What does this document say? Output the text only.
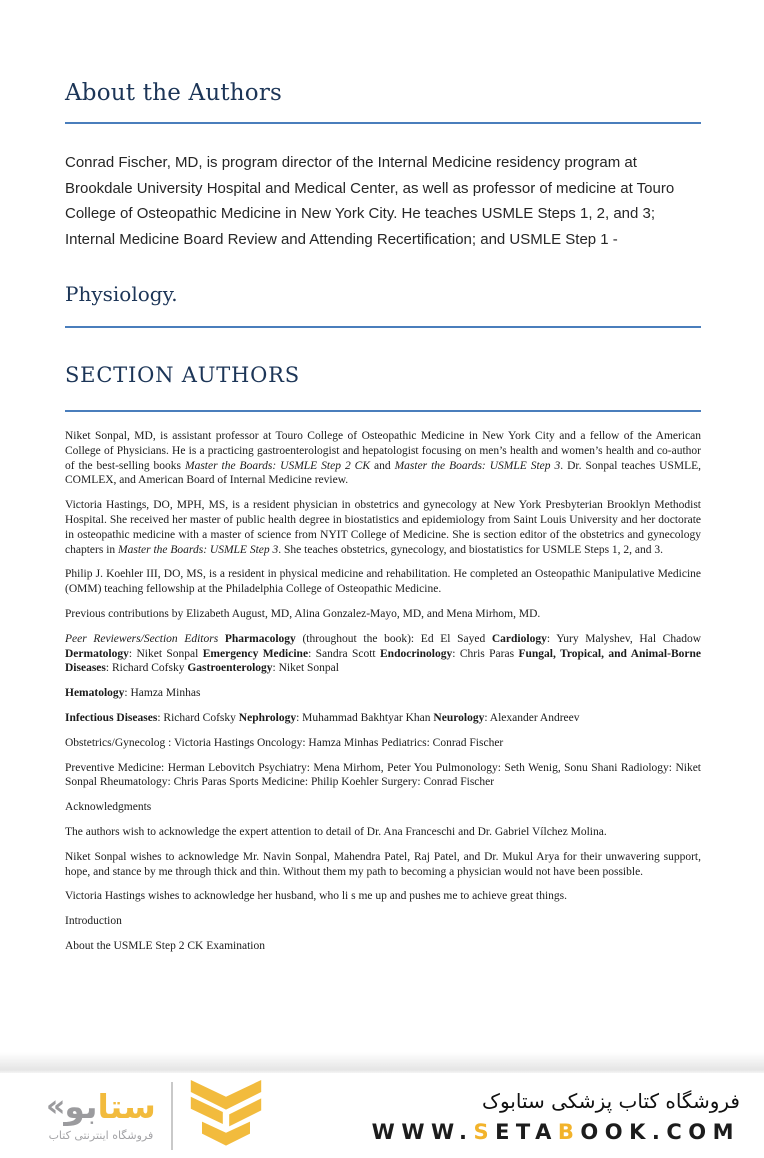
About the Authors

Conrad Fischer, MD, is program director of the Internal Medicine residency program at Brookdale University Hospital and Medical Center, as well as professor of medicine at Touro College of Osteopathic Medicine in New York City. He teaches USMLE Steps 1, 2, and 3; Internal Medicine Board Review and Attending Recertification; and USMLE Step 1 -

Physiology.
SECTION AUTHORS

Niket Sonpal, MD, is assistant professor at Touro College of Osteopathic Medicine in New York City and a fellow of the American College of Physicians. He is a practicing gastroenterologist and hepatologist focusing on men’s health and women’s health and co-author of the best-selling books Master the Boards: USMLE Step 2 CK and Master the Boards: USMLE Step 3. Dr. Sonpal teaches USMLE, COMLEX, and American Board of Internal Medicine review.

Victoria Hastings, DO, MPH, MS, is a resident physician in obstetrics and gynecology at New York Presbyterian Brooklyn Methodist Hospital. She received her master of public health degree in biostatistics and epidemiology from Saint Louis University and her doctorate in osteopathic medicine with a master of science from NYIT College of Medicine. She is section editor of the obstetrics and gynecology chapters in Master the Boards: USMLE Step 3. She teaches obstetrics, gynecology, and biostatistics for USMLE Steps 1, 2, and 3.

Philip J. Koehler III, DO, MS, is a resident in physical medicine and rehabilitation. He completed an Osteopathic Manipulative Medicine (OMM) teaching fellowship at the Philadelphia College of Osteopathic Medicine.

Previous contributions by Elizabeth August, MD, Alina Gonzalez-Mayo, MD, and Mena Mirhom, MD.

Peer Reviewers/Section Editors Pharmacology (throughout the book): Ed El Sayed Cardiology: Yury Malyshev, Hal Chadow Dermatology: Niket Sonpal Emergency Medicine: Sandra Scott Endocrinology: Chris Paras Fungal, Tropical, and Animal-Borne Diseases: Richard Cofsky Gastroenterology: Niket Sonpal

Hematology: Hamza Minhas

Infectious Diseases: Richard Cofsky Nephrology: Muhammad Bakhtyar Khan Neurology: Alexander Andreev

Obstetrics/Gynecolog : Victoria Hastings Oncology: Hamza Minhas Pediatrics: Conrad Fischer

Preventive Medicine: Herman Lebovitch Psychiatry: Mena Mirhom, Peter You Pulmonology: Seth Wenig, Sonu Shani Radiology: Niket Sonpal Rheumatology: Chris Paras Sports Medicine: Philip Koehler Surgery: Conrad Fischer

Acknowledgments

The authors wish to acknowledge the expert attention to detail of Dr. Ana Franceschi and Dr. Gabriel Vílchez Molina.

Niket Sonpal wishes to acknowledge Mr. Navin Sonpal, Mahendra Patel, Raj Patel, and Dr. Mukul Arya for their unwavering support, hope, and stance by me through thick and thin. Without them my path to becoming a physician would not have been possible.

Victoria Hastings wishes to acknowledge her husband, who li s me up and pushes me to achieve great things.

Introduction

About the USMLE Step 2 CK Examination

«	ستابو
فروشگاه اینترنتی کتاب
فروشگاه کتاب پزشکی ستابوک
WWW.SETABOOK.COM
